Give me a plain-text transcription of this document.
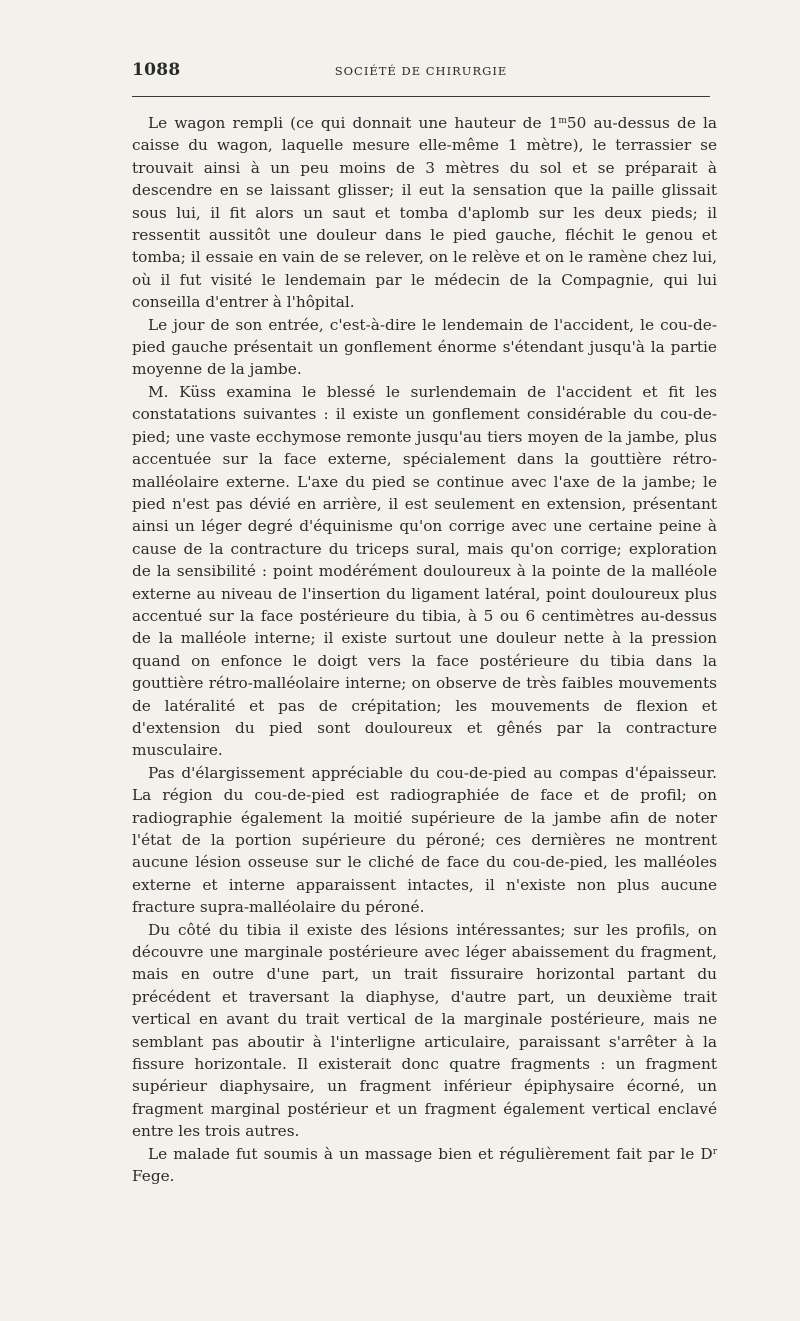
1088	SOCIÉTÉ DE CHIRURGIE

Le wagon rempli (ce qui donnait une hauteur de 1$^m$50 au-dessus de la caisse du wagon, laquelle mesure elle-même 1 mètre), le terrassier se trouvait ainsi à un peu moins de 3 mètres du sol et se préparait à descendre en se laissant glisser; il eut la sensation que la paille glissait sous lui, il fit alors un saut et tomba d'aplomb sur les deux pieds; il ressentit aussitôt une douleur dans le pied gauche, fléchit le genou et tomba; il essaie en vain de se relever, on le relève et on le ramène chez lui, où il fut visité le lendemain par le médecin de la Compagnie, qui lui conseilla d'entrer à l'hôpital.

Le jour de son entrée, c'est-à-dire le lendemain de l'accident, le cou-de-pied gauche présentait un gonflement énorme s'étendant jusqu'à la partie moyenne de la jambe.

M. Küss examina le blessé le surlendemain de l'accident et fit les constatations suivantes : il existe un gonflement considérable du cou-de-pied; une vaste ecchymose remonte jusqu'au tiers moyen de la jambe, plus accentuée sur la face externe, spécialement dans la gouttière rétro-malléolaire externe. L'axe du pied se continue avec l'axe de la jambe; le pied n'est pas dévié en arrière, il est seulement en extension, présentant ainsi un léger degré d'équinisme qu'on corrige avec une certaine peine à cause de la contracture du triceps sural, mais qu'on corrige; exploration de la sensibilité : point modérément douloureux à la pointe de la malléole externe au niveau de l'insertion du ligament latéral, point douloureux plus accentué sur la face postérieure du tibia, à 5 ou 6 centimètres au-dessus de la malléole interne; il existe surtout une douleur nette à la pression quand on enfonce le doigt vers la face postérieure du tibia dans la gouttière rétro-malléolaire interne; on observe de très faibles mouvements de latéralité et pas de crépitation; les mouvements de flexion et d'extension du pied sont douloureux et gênés par la contracture musculaire.

Pas d'élargissement appréciable du cou-de-pied au compas d'épaisseur. La région du cou-de-pied est radiographiée de face et de profil; on radiographie également la moitié supérieure de la jambe afin de noter l'état de la portion supérieure du péroné; ces dernières ne montrent aucune lésion osseuse sur le cliché de face du cou-de-pied, les malléoles externe et interne apparaissent intactes, il n'existe non plus aucune fracture supra-malléolaire du péroné.

Du côté du tibia il existe des lésions intéressantes; sur les profils, on découvre une marginale postérieure avec léger abaissement du fragment, mais en outre d'une part, un trait fissuraire horizontal partant du précédent et traversant la diaphyse, d'autre part, un deuxième trait vertical en avant du trait vertical de la marginale postérieure, mais ne semblant pas aboutir à l'interligne articulaire, paraissant s'arrêter à la fissure horizontale. Il existerait donc quatre fragments : un fragment supérieur diaphysaire, un fragment inférieur épiphysaire écorné, un fragment marginal postérieur et un fragment également vertical enclavé entre les trois autres.

Le malade fut soumis à un massage bien et régulièrement fait par le $D^r$ Fege.
